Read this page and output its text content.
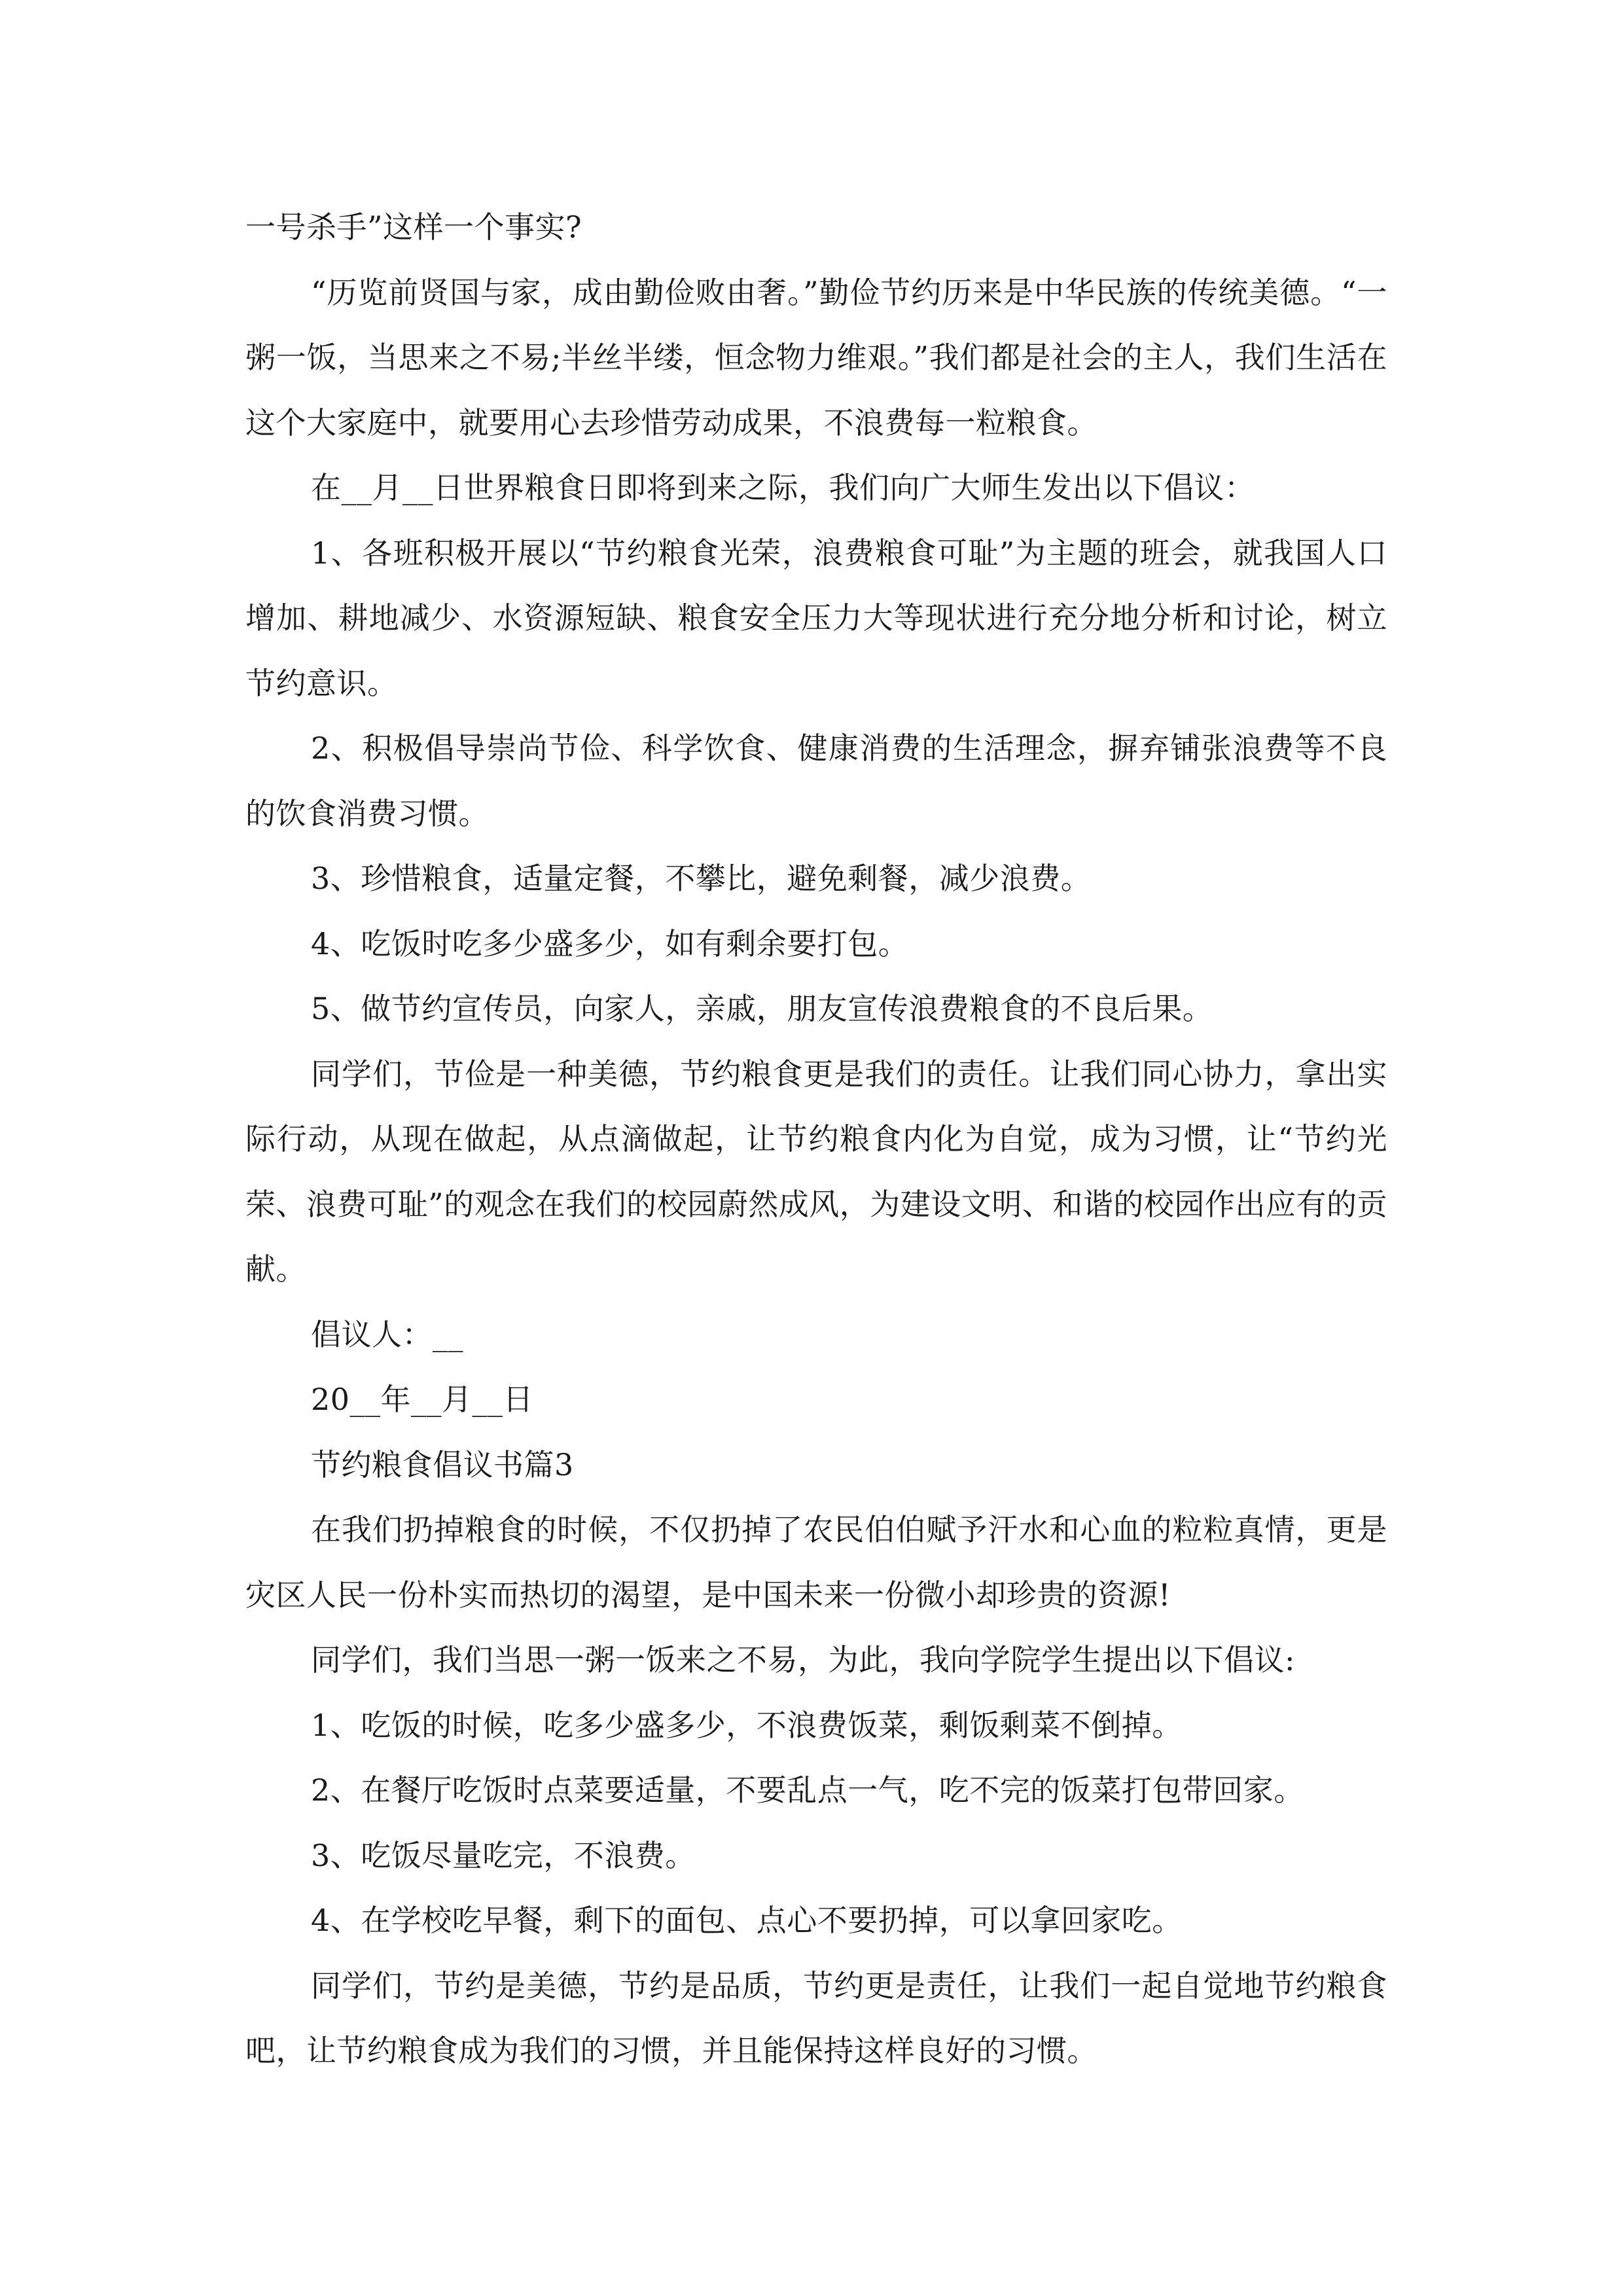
一号杀手”这样一个事实?

“历览前贤国与家，成由勤俭败由奢。”勤俭节约历来是中华民族的传统美德。“一粥一饭，当思来之不易;半丝半缕，恒念物力维艰。”我们都是社会的主人，我们生活在这个大家庭中，就要用心去珍惜劳动成果，不浪费每一粒粮食。

在__月__日世界粮食日即将到来之际，我们向广大师生发出以下倡议：

1、各班积极开展以“节约粮食光荣，浪费粮食可耻”为主题的班会，就我国人口增加、耕地减少、水资源短缺、粮食安全压力大等现状进行充分地分析和讨论，树立节约意识。

2、积极倡导崇尚节俭、科学饮食、健康消费的生活理念，摒弃铺张浪费等不良的饮食消费习惯。

3、珍惜粮食，适量定餐，不攀比，避免剩餐，减少浪费。

4、吃饭时吃多少盛多少，如有剩余要打包。

5、做节约宣传员，向家人，亲戚，朋友宣传浪费粮食的不良后果。

同学们，节俭是一种美德，节约粮食更是我们的责任。让我们同心协力，拿出实际行动，从现在做起，从点滴做起，让节约粮食内化为自觉，成为习惯，让“节约光荣、浪费可耻”的观念在我们的校园蔚然成风，为建设文明、和谐的校园作出应有的贡献。

倡议人：__

20__年__月__日

节约粮食倡议书篇3

在我们扔掉粮食的时候，不仅扔掉了农民伯伯赋予汗水和心血的粒粒真情，更是灾区人民一份朴实而热切的渴望，是中国未来一份微小却珍贵的资源!

同学们，我们当思一粥一饭来之不易，为此，我向学院学生提出以下倡议:

1、吃饭的时候，吃多少盛多少，不浪费饭菜，剩饭剩菜不倒掉。

2、在餐厅吃饭时点菜要适量，不要乱点一气，吃不完的饭菜打包带回家。

3、吃饭尽量吃完，不浪费。

4、在学校吃早餐，剩下的面包、点心不要扔掉，可以拿回家吃。

同学们，节约是美德，节约是品质，节约更是责任，让我们一起自觉地节约粮食吧，让节约粮食成为我们的习惯，并且能保持这样良好的习惯。
